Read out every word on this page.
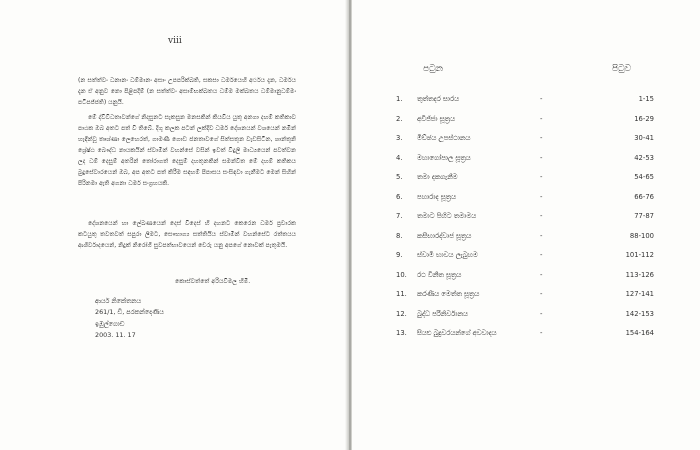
viii

(න සත්ත්වං ධනානං ධම්මානං අසාං උපපරික්ඛති, සකසා ධර්මයෙහි අර්ථය දැන, ධර්මය දැන ඒ අනුව නො පිළිපදිම් (න සත්ත්වං අසාම්භක්ඛතය ධම්ම මක්ඛතය ධම්මානුධම්මං පටිපජ්ජති) යනුයි.

මේ ද්විවිධතාවන්ගේ නිදසුනට සැකසුන මනසකින් කියවිය යුතු අනගා දහම් කතිකාව පාඨක ඔබ අතට පත් වී තිබේ. දිගු කලක පටන් ලක්දිව ධර්ම දේශනයන් වශයෙන් නමින් හැඳින්වූ තෘශ්ණා ලෙහෙරත්, ගාමණී ගොඩ ජනතාවගේ සිත්සතුන වැඩසිටින, ශාන්තුනි ශ්‍රේෂ්ඨ බෞද්ධ නායකයින් ස්වාමීන් වහන්සේ වසින් ඉවත් විදුලි මාධ්‍යයෙන් පවත්වන ලද ධම් දෙසුම් අතරින් තෝරාගත් දෙසුම් දහතුනකින් සමන්විත මේ දහම් කතිකය බුදුසේවාරයෙන් ඔබ, අප අතට පත් කිරීම සඳහම් පිපාසය සංසිඳවා ගැනීමට මෙන් සිහින් පිරිනමා ඇති අගනා ධර්ම සංග්‍රහයකි.

දේශනයෙන් හා ලේඛණයෙන් දෙස් විදෙස් හි දහනට කෙරෙන ධර්ම ප්‍රචාරක කටයුතු තවතවත් සපුරා ලීමට, සෞභාග්‍ය සත්තියිය ස්වාමීන් වහන්සේට රත්තයය ආශිර්වාදයෙන්, නිදුක් නිරෝගී සුවපත්භාවයෙන් චෙරු යනු අපගේ නොවක් පැතුමයි.

කොස්වත්තේ අරියවිමල හිමි.
ආයර් නිකේතනය
261/1, ඩී, පරකන්දෙණිය
ඉඹුල්ගොඩ
2003. 11. 17
පටුන	පිටුව
1. තුත්තදර සාරය	-	1-15
2. අවිජ්ජා සූත්‍රය	-	16-29
3. මිච්ඡය උපස්ථානය	-	30-41
4. මහාගෝපාල සූත්‍රය	-	42-53
5. තමා දකගැනීම	-	54-65
6. පහාරාද සූත්‍රය	-	66-76
7. තමාට පිහිට තමාමය	-	77-87
8. කසීභාරද්වාජ සූත්‍රය	-	88-100
9. ස්වාමී භාවය ලැබුහම	-	101-112
10. රථ විනීත සූත්‍රය	-	113-126
11. කරණීය මෙත්ත සූත්‍රය	-	127-141
12. බුද්ධ පරිනිර්වානය	-	142-153
13. සියළු බුදුවරයන්ගේ අවවාදය	-	154-164
